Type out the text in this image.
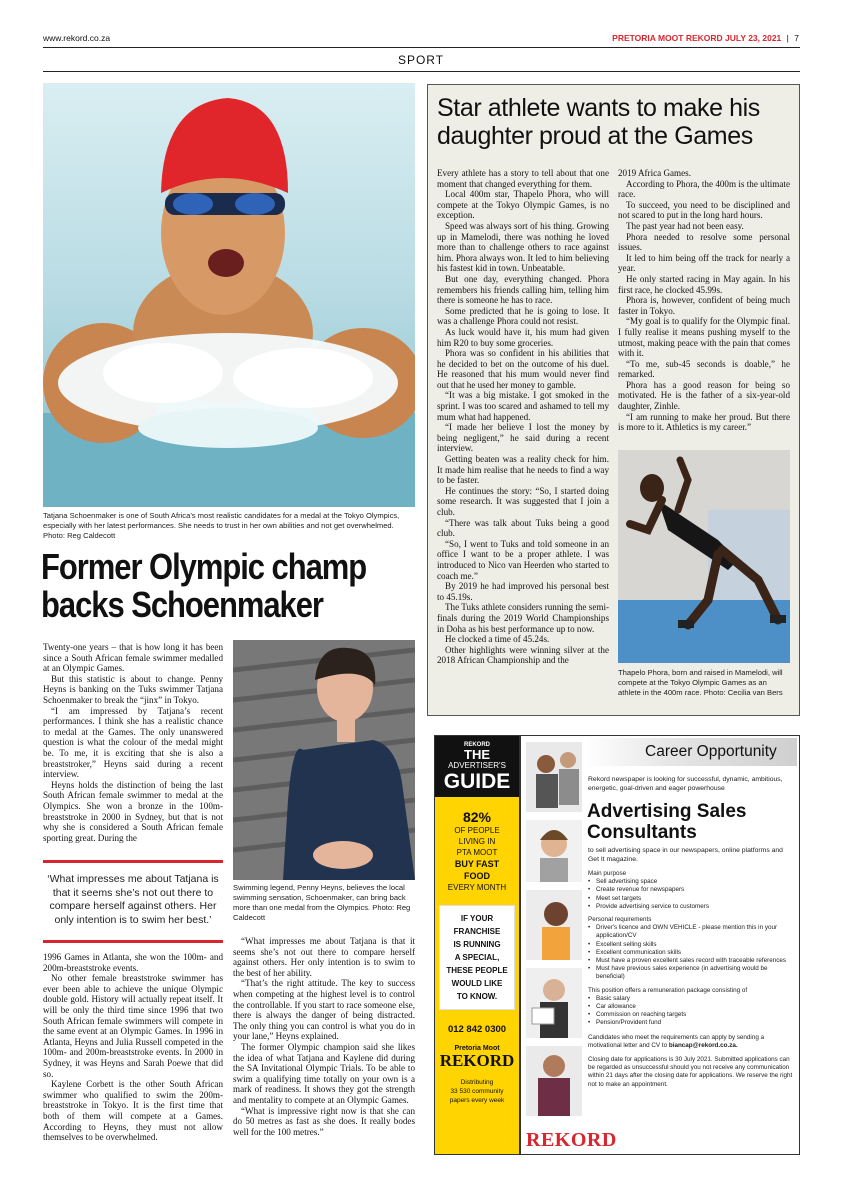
www.rekord.co.za	PRETORIA MOOT REKORD JULY 23, 2021 | 7
SPORT
Tatjana Schoenmaker is one of South Africa's most realistic candidates for a medal at the Tokyo Olympics, especially with her latest performances. She needs to trust in her own abilities and not get overwhelmed. Photo: Reg Caldecott
Former Olympic champ
backs Schoenmaker

Twenty-one years – that is how long it has been since a South African female swimmer medalled at an Olympic Games.

But this statistic is about to change. Penny Heyns is banking on the Tuks swimmer Tatjana Schoenmaker to break the “jinx” in Tokyo.

“I am impressed by Tatjana’s recent performances. I think she has a realistic chance to medal at the Games. The only unanswered question is what the colour of the medal might be. To me, it is exciting that she is also a breaststroker,” Heyns said during a recent interview.

Heyns holds the distinction of being the last South African female swimmer to medal at the Olympics. She won a bronze in the 100m-breaststroke in 2000 in Sydney, but that is not why she is considered a South African female sporting great. During the

‘What impresses me about Tatjana is that it seems she’s not out there to compare herself against others. Her only intention is to swim her best.’

1996 Games in Atlanta, she won the 100m- and 200m-breaststroke events.

No other female breaststroke swimmer has ever been able to achieve the unique Olympic double gold. History will actually repeat itself. It will be only the third time since 1996 that two South African female swimmers will compete in the same event at an Olympic Games. In 1996 in Atlanta, Heyns and Julia Russell competed in the 100m- and 200m-breaststroke events. In 2000 in Sydney, it was Heyns and Sarah Poewe that did so.

Kaylene Corbett is the other South African swimmer who qualified to swim the 200m-breaststroke in Tokyo. It is the first time that both of them will compete at a Games. According to Heyns, they must not allow themselves to be overwhelmed.

Swimming legend, Penny Heyns, believes the local swimming sensation, Schoenmaker, can bring back more than one medal from the Olympics. Photo: Reg Caldecott

“What impresses me about Tatjana is that it seems she’s not out there to compare herself against others. Her only intention is to swim to the best of her ability.

“That’s the right attitude. The key to success when competing at the highest level is to control the controllable. If you start to race someone else, there is always the danger of being distracted. The only thing you can control is what you do in your lane,” Heyns explained.

The former Olympic champion said she likes the idea of what Tatjana and Kaylene did during the SA Invitational Olympic Trials. To be able to swim a qualifying time totally on your own is a mark of readiness. It shows they got the strength and mentality to compete at an Olympic Games.

“What is impressive right now is that she can do 50 metres as fast as she does. It really bodes well for the 100 metres.”

Star athlete wants to make his daughter proud at the Games

Every athlete has a story to tell about that one moment that changed everything for them.

Local 400m star, Thapelo Phora, who will compete at the Tokyo Olympic Games, is no exception.

Speed was always sort of his thing. Growing up in Mamelodi, there was nothing he loved more than to challenge others to race against him. Phora always won. It led to him believing his fastest kid in town. Unbeatable.

But one day, everything changed. Phora remembers his friends calling him, telling him there is someone he has to race.

Some predicted that he is going to lose. It was a challenge Phora could not resist.

As luck would have it, his mum had given him R20 to buy some groceries.

Phora was so confident in his abilities that he decided to bet on the outcome of his duel. He reasoned that his mum would never find out that he used her money to gamble.

“It was a big mistake. I got smoked in the sprint. I was too scared and ashamed to tell my mum what had happened.

“I made her believe I lost the money by being negligent,” he said during a recent interview.

Getting beaten was a reality check for him. It made him realise that he needs to find a way to be faster.

He continues the story: “So, I started doing some research. It was suggested that I join a club.

“There was talk about Tuks being a good club.

“So, I went to Tuks and told someone in an office I want to be a proper athlete. I was introduced to Nico van Heerden who started to coach me.”

By 2019 he had improved his personal best to 45.19s.

The Tuks athlete considers running the semi-finals during the 2019 World Championships in Doha as his best performance up to now.

He clocked a time of 45.24s.

Other highlights were winning silver at the 2018 African Championship and the

2019 Africa Games.

According to Phora, the 400m is the ultimate race.

To succeed, you need to be disciplined and not scared to put in the long hard hours.

The past year had not been easy.

Phora needed to resolve some personal issues.

It led to him being off the track for nearly a year.

He only started racing in May again. In his first race, he clocked 45.99s.

Phora is, however, confident of being much faster in Tokyo.

“My goal is to qualify for the Olympic final. I fully realise it means pushing myself to the utmost, making peace with the pain that comes with it.

“To me, sub-45 seconds is doable,” he remarked.

Phora has a good reason for being so motivated. He is the father of a six-year-old daughter, Zinhle.

“I am running to make her proud. But there is more to it. Athletics is my career.”

Thapelo Phora, born and raised in Mamelodi, will compete at the Tokyo Olympic Games as an athlete in the 400m race. Photo: Cecilia van Bers
REKORD
THE
ADVERTISER'S
GUIDE
82%
OF PEOPLE
LIVING IN
PTA MOOT
BUY FAST
FOOD
EVERY MONTH
IF YOUR
FRANCHISE
IS RUNNING
A SPECIAL,
THESE PEOPLE
WOULD LIKE
TO KNOW.
012 842 0300
Pretoria Moot
REKORD
Distributing
33 530 community
papers every week
Career Opportunity
Rekord newspaper is looking for successful, dynamic, ambitious, energetic, goal-driven and eager powerhouse
Advertising Sales
Consultants
to sell advertising space in our newspapers, online platforms and Get It magazine.
Main purpose
• Sell advertising space
• Create revenue for newspapers
• Meet set targets
• Provide advertising service to customers
Personal requirements
• Driver's licence and OWN VEHICLE - please mention this in your application/CV
• Excellent selling skills
• Excellent communication skills
• Must have a proven excellent sales record with traceable references
• Must have previous sales experience (in advertising would be beneficial)
This position offers a remuneration package consisting of
• Basic salary
• Car allowance
• Commission on reaching targets
• Pension/Provident fund
Candidates who meet the requirements can apply by sending a motivational letter and CV to biancap@rekord.co.za.
Closing date for applications is 30 July 2021. Submitted applications can be regarded as unsuccessful should you not receive any communication within 21 days after the closing date for applications. We reserve the right not to make an appointment.
REKORD
